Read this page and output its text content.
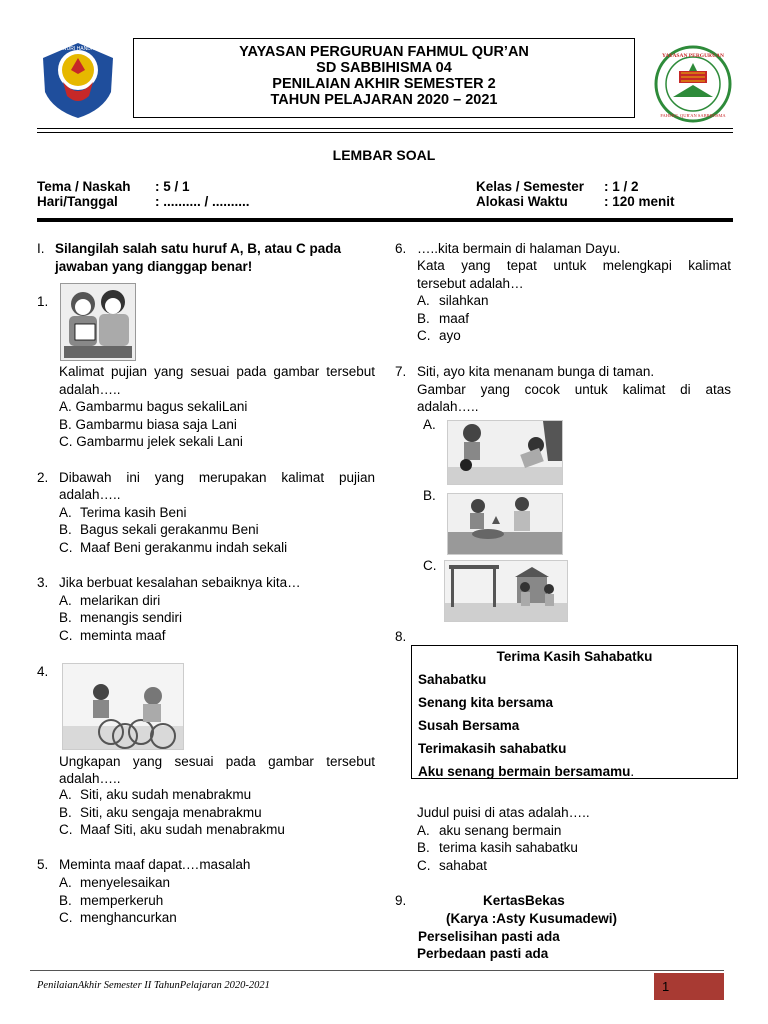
TUT WURI HANDAYANI	YAYASAN PERGURUAN FAHMUL QUR’AN
SD SABBIHISMA 04
PENILAIAN AKHIR SEMESTER 2
TAHUN PELAJARAN 2020 – 2021
YAYASAN PERGURUAN
FAHMUL QUR'AN SABBIHISMA
LEMBAR SOAL
Tema / Naskah : 5 / 1
Hari/Tanggal	: .......... / ..........
Kelas / Semester : 1 / 2
Alokasi Waktu	: 120 menit
I. Silangilah salah satu huruf A, B, atau C pada
jawaban yang dianggap benar!
1.
Kalimat pujian yang sesuai pada gambar tersebut
adalah…..
A. Gambarmu bagus sekaliLani
B. Gambarmu biasa saja Lani
C. Gambarmu jelek sekali Lani
2. Dibawah ini yang merupakan kalimat pujian
adalah…..
A. Terima kasih Beni
B. Bagus sekali gerakanmu Beni
C. Maaf Beni gerakanmu indah sekali
3. Jika berbuat kesalahan sebaiknya kita…
A. melarikan diri
B. menangis sendiri
C. meminta maaf
4.
Ungkapan yang sesuai pada gambar tersebut
adalah…..
A. Siti, aku sudah menabrakmu
B. Siti, aku sengaja menabrakmu
C. Maaf Siti, aku sudah menabrakmu
5. Meminta maaf dapat.…masalah
A. menyelesaikan
B. memperkeruh
C. menghancurkan
6. …..kita bermain di halaman Dayu.
Kata yang tepat untuk melengkapi kalimat
tersebut adalah…
A. silahkan
B. maaf
C. ayo
7. Siti, ayo kita menanam bunga di taman.
Gambar yang cocok untuk kalimat di atas
adalah…..
A.
B.
C.
8.
Terima Kasih Sahabatku
Sahabatku
Senang kita bersama
Susah Bersama
Terimakasih sahabatku
Aku senang bermain bersamamu.
Judul puisi di atas adalah…..
A. aku senang bermain
B. terima kasih sahabatku
C. sahabat
9.	KertasBekas
(Karya :Asty Kusumadewi)
Perselisihan pasti ada
Perbedaan pasti ada
PenilaianAkhir Semester II TahunPelajaran 2020-2021	1
